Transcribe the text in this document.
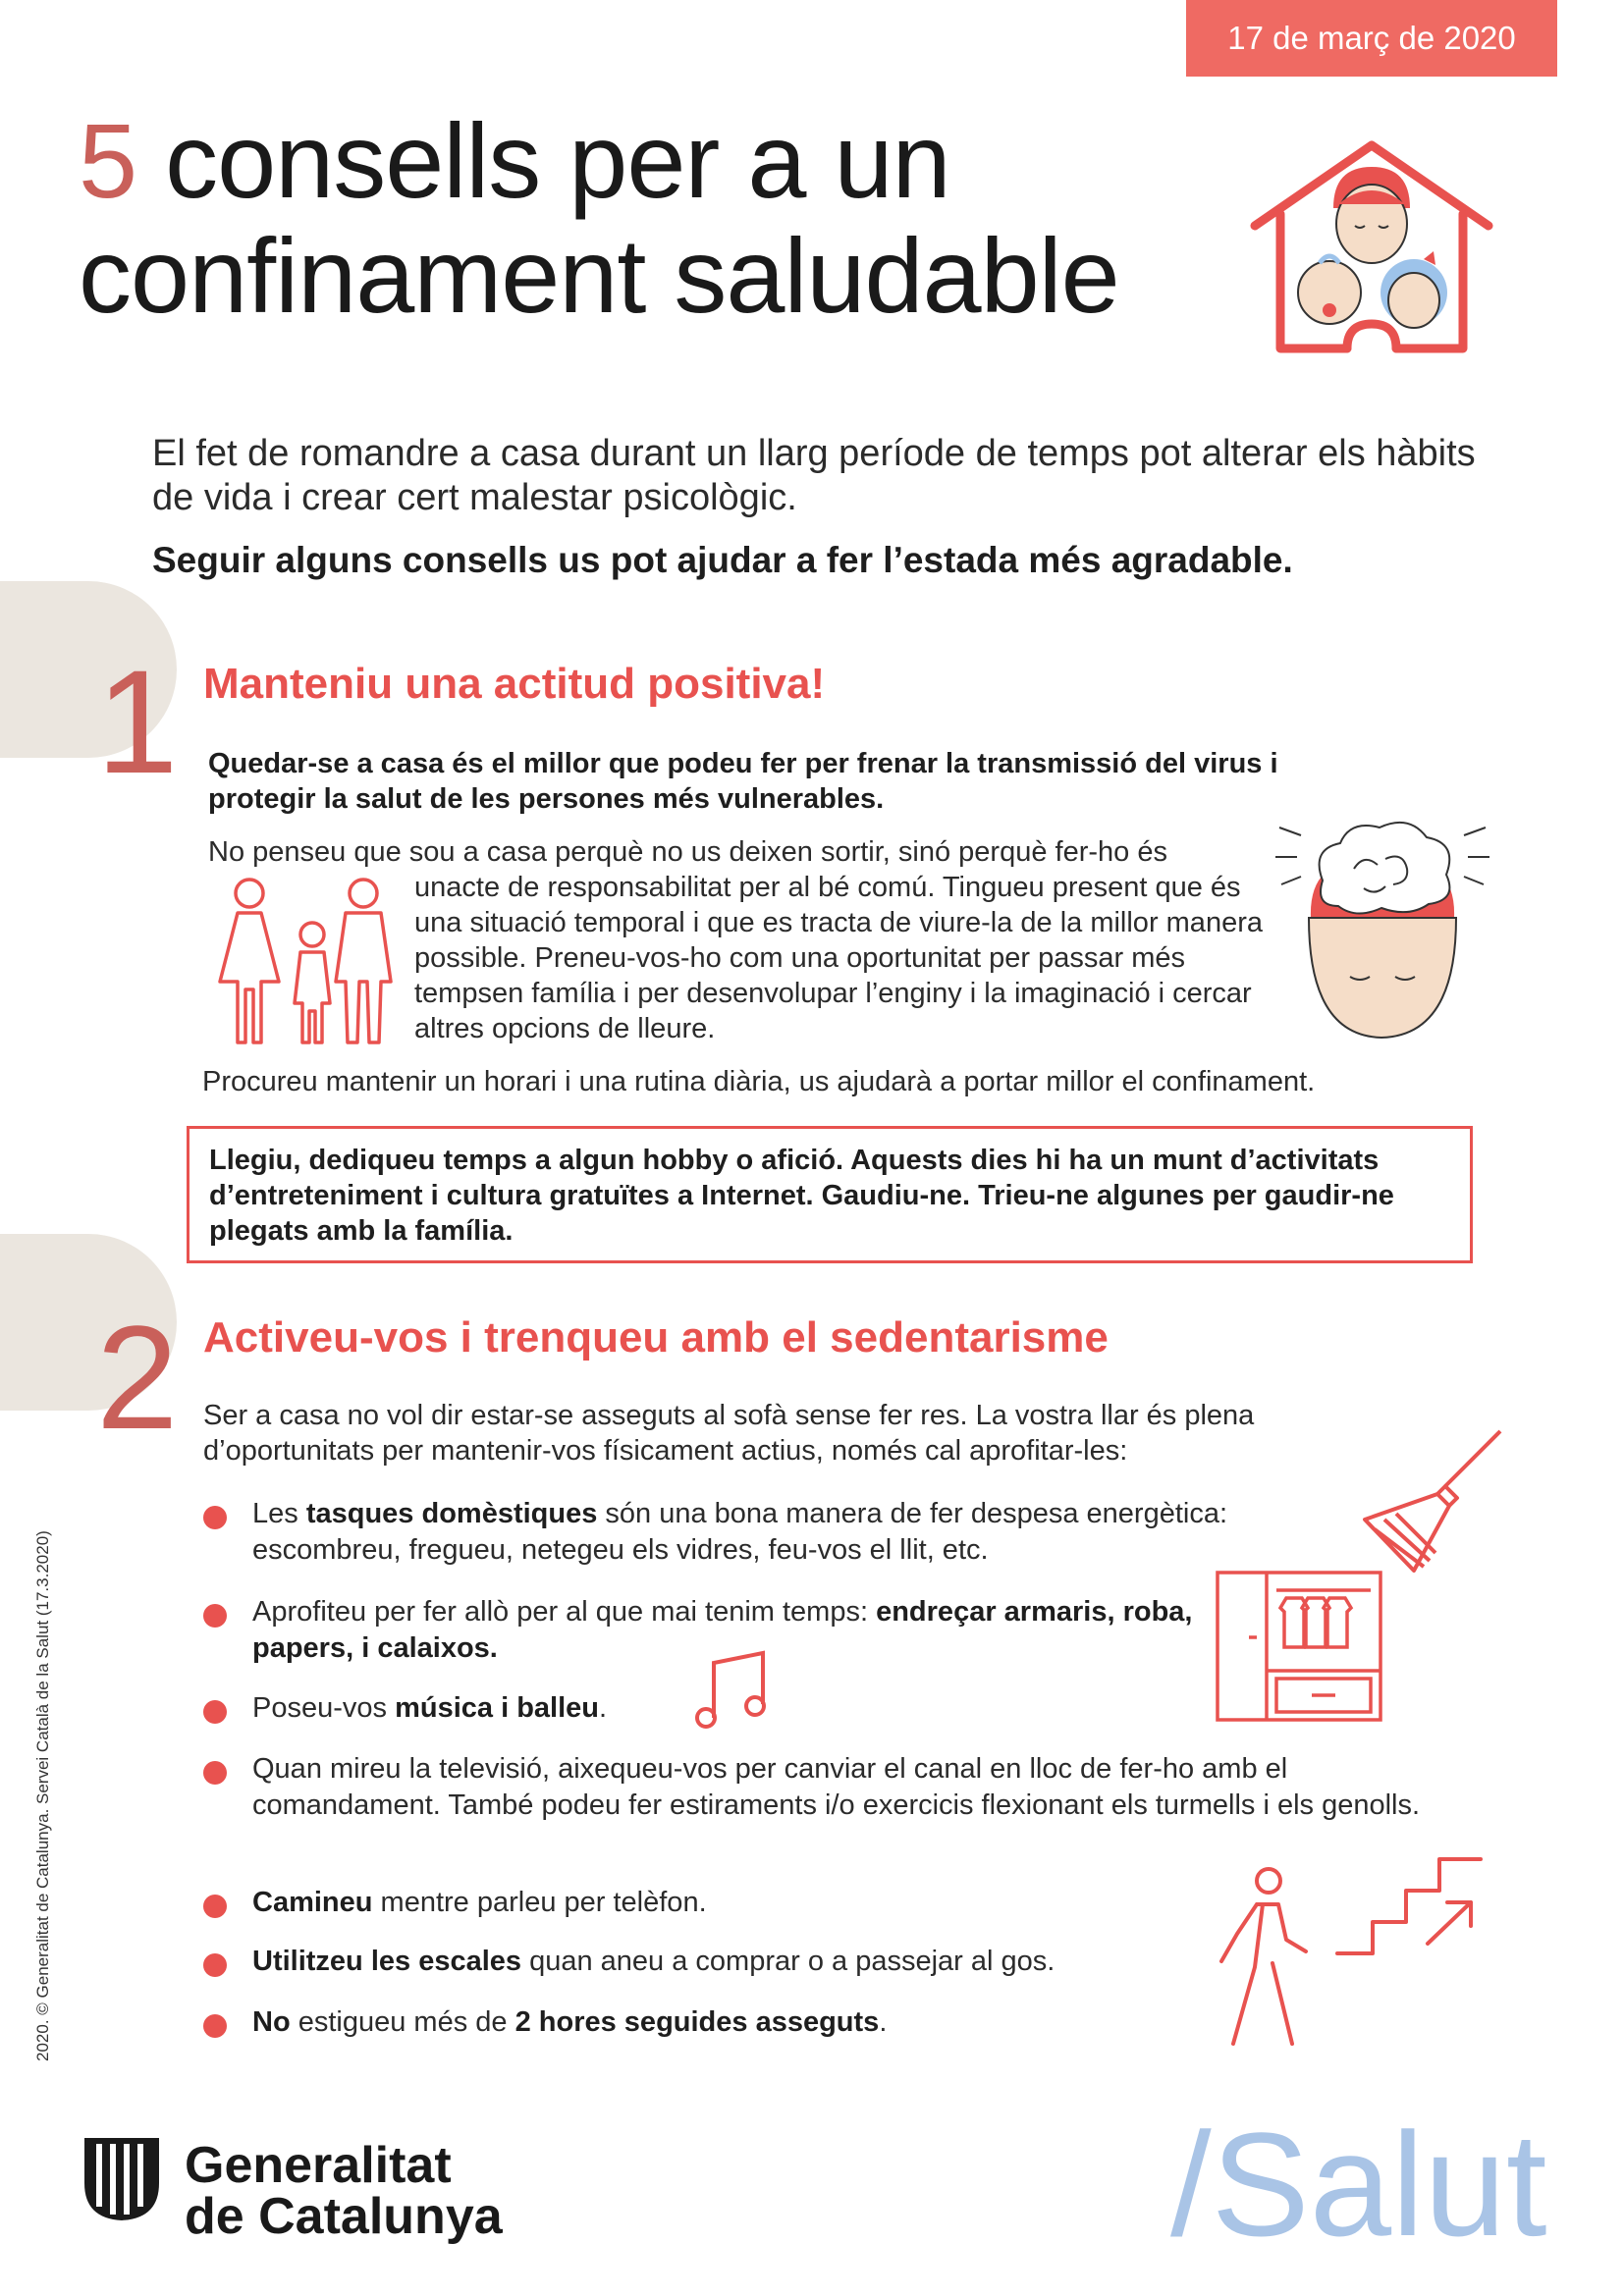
17 de març de 2020
5 consells per a un
confinament saludable
El fet de romandre a casa durant un llarg període de temps pot alterar els hàbits de vida i crear cert malestar psicològic.
Seguir alguns consells us pot ajudar a fer l’estada més agradable.
1 Manteniu una actitud positiva!
Quedar-se a casa és el millor que podeu fer per frenar la transmissió del virus i protegir la salut de les persones més vulnerables.
No penseu que sou a casa perquè no us deixen sortir, sinó perquè fer-ho és
unacte de responsabilitat per al bé comú. Tingueu present que és una situació temporal i que es tracta de viure-la de la millor manera possible. Preneu-vos-ho com una oportunitat per passar més tempsen família i per desenvolupar l’enginy i la imaginació i cercar altres opcions de lleure.
Procureu mantenir un horari i una rutina diària, us ajudarà a portar millor el confinament.
Llegiu, dediqueu temps a algun hobby o afició. Aquests dies hi ha un munt d’activitats d’entreteniment i cultura gratuïtes a Internet. Gaudiu-ne. Trieu-ne algunes per gaudir-ne plegats amb la família.
2 Activeu-vos i trenqueu amb el sedentarisme
Ser a casa no vol dir estar-se asseguts al sofà sense fer res. La vostra llar és plena d’oportunitats per mantenir-vos físicament actius, només cal aprofitar-les:
Les tasques domèstiques són una bona manera de fer despesa energètica: escombreu, fregueu, netegeu els vidres, feu-vos el llit, etc.
Aprofiteu per fer allò per al que mai tenim temps: endreçar armaris, roba, papers, i calaixos.
Poseu-vos música i balleu.
Quan mireu la televisió, aixequeu-vos per canviar el canal en lloc de fer-ho amb el comandament. També podeu fer estiraments i/o exercicis flexionant els turmells i els genolls.
Camineu mentre parleu per telèfon.
Utilitzeu les escales quan aneu a comprar o a passejar al gos.
No estigueu més de 2 hores seguides asseguts.
2020. © Generalitat de Catalunya. Servei Català de la Salut (17.3.2020)
Generalitat
de Catalunya	/Salut
